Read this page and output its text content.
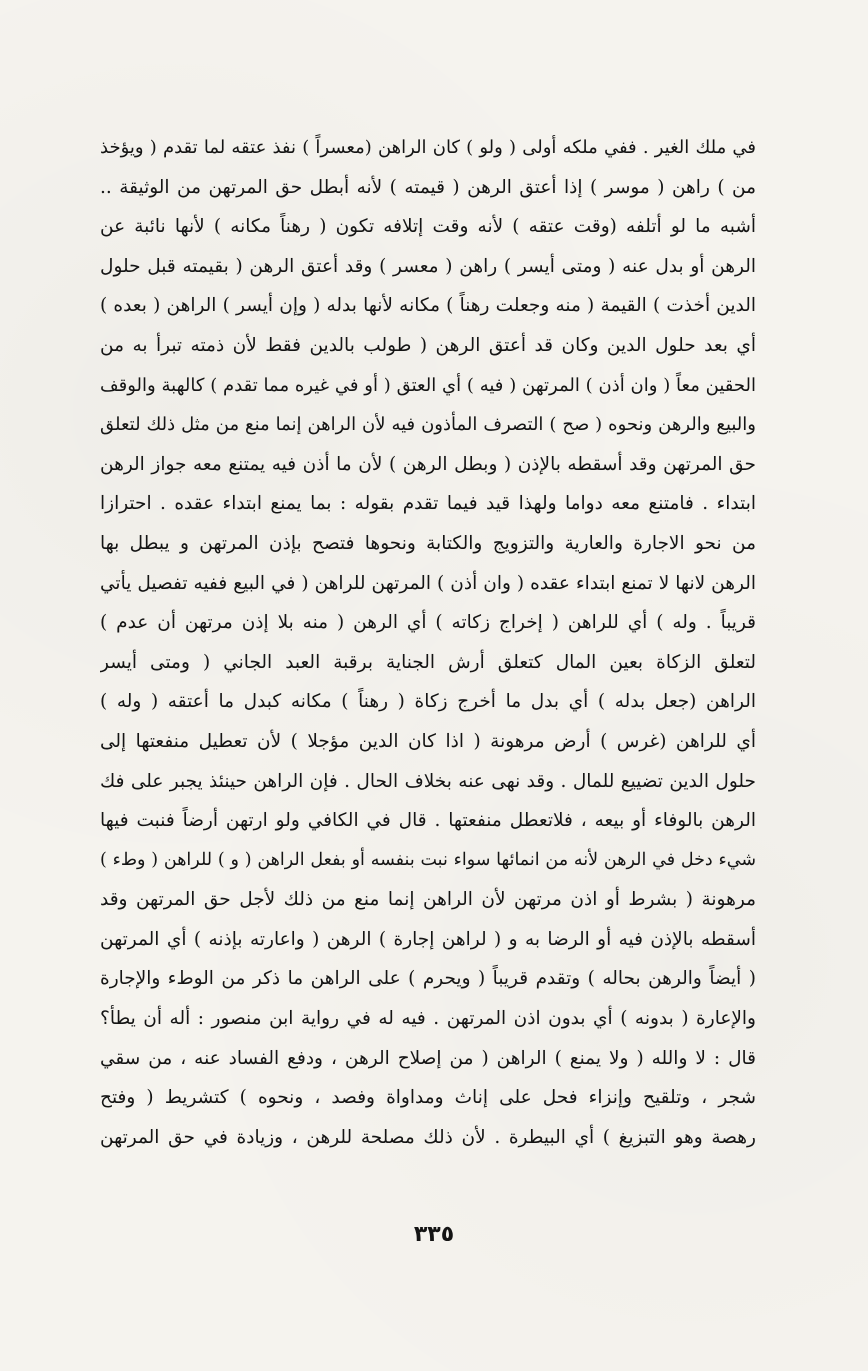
في ملك الغير . ففي ملكه أولى ( ولو ) كان الراهن (معسراً ) نفذ عتقه لما تقدم ( ويؤخذ
من ) راهن ( موسر ) إذا أعتق الرهن ( قيمته ) لأنه أبطل حق المرتهن من الوثيقة ..
أشبه ما لو أتلفه (وقت عتقه ) لأنه وقت إتلافه تكون ( رهناً مكانه ) لأنها نائبة عن
الرهن أو بدل عنه ( ومتى أيسر ) راهن ( معسر ) وقد أعتق الرهن ( بقيمته قبل حلول
الدين أخذت ) القيمة ( منه وجعلت رهناً ) مكانه لأنها بدله ( وإن أيسر ) الراهن ( بعده )
أي بعد حلول الدين وكان قد أعتق الرهن ( طولب بالدين فقط لأن ذمته تبرأ به من
الحقين معاً ( وان أذن ) المرتهن ( فيه ) أي العتق ( أو في غيره مما تقدم ) كالهبة والوقف
والبيع والرهن ونحوه ( صح ) التصرف المأذون فيه لأن الراهن إنما منع من مثل ذلك لتعلق
حق المرتهن وقد أسقطه بالإذن ( وبطل الرهن ) لأن ما أذن فيه يمتنع معه جواز الرهن
ابتداء . فامتنع معه دواما ولهذا قيد فيما تقدم بقوله : بما يمنع ابتداء عقده . احترازا
من نحو الاجارة والعارية والتزويج والكتابة ونحوها فتصح بإذن المرتهن و يبطل بها
الرهن لانها لا تمنع ابتداء عقده ( وان أذن ) المرتهن للراهن ( في البيع ففيه تفصيل يأتي
قريباً . وله ) أي للراهن ( إخراج زكاته ) أي الرهن ( منه بلا إذن مرتهن أن عدم )
لتعلق الزكاة بعين المال كتعلق أرش الجناية برقبة العبد الجاني ( ومتى أيسر
الراهن (جعل بدله ) أي بدل ما أخرج زكاة ( رهناً ) مكانه كبدل ما أعتقه ( وله )
أي للراهن (غرس ) أرض مرهونة ( اذا كان الدين مؤجلا ) لأن تعطيل منفعتها إلى
حلول الدين تضييع للمال . وقد نهى عنه بخلاف الحال . فإن الراهن حينئذ يجبر على فك
الرهن بالوفاء أو بيعه ، فلاتعطل منفعتها . قال في الكافي ولو ارتهن أرضاً فنبت فيها
شيء دخل في الرهن لأنه من انمائها سواء نبت بنفسه أو بفعل الراهن ( و ) للراهن ( وطء )
مرهونة ( بشرط أو اذن مرتهن لأن الراهن إنما منع من ذلك لأجل حق المرتهن وقد
أسقطه بالإذن فيه أو الرضا به و ( لراهن إجارة ) الرهن ( واعارته بإذنه ) أي المرتهن
( أيضاً والرهن بحاله ) وتقدم قريباً ( ويحرم ) على الراهن ما ذكر من الوطء والإجارة
والإعارة ( بدونه ) أي بدون اذن المرتهن . فيه له في رواية ابن منصور : أله أن يطأ؟
قال : لا والله ( ولا يمنع ) الراهن ( من إصلاح الرهن ، ودفع الفساد عنه ، من سقي
شجر ، وتلقيح وإنزاء فحل على إناث ومداواة وفصد ، ونحوه ) كتشريط ( وفتح
رهصة وهو التبزيغ ) أي البيطرة . لأن ذلك مصلحة للرهن ، وزيادة في حق المرتهن
٣٣٥
